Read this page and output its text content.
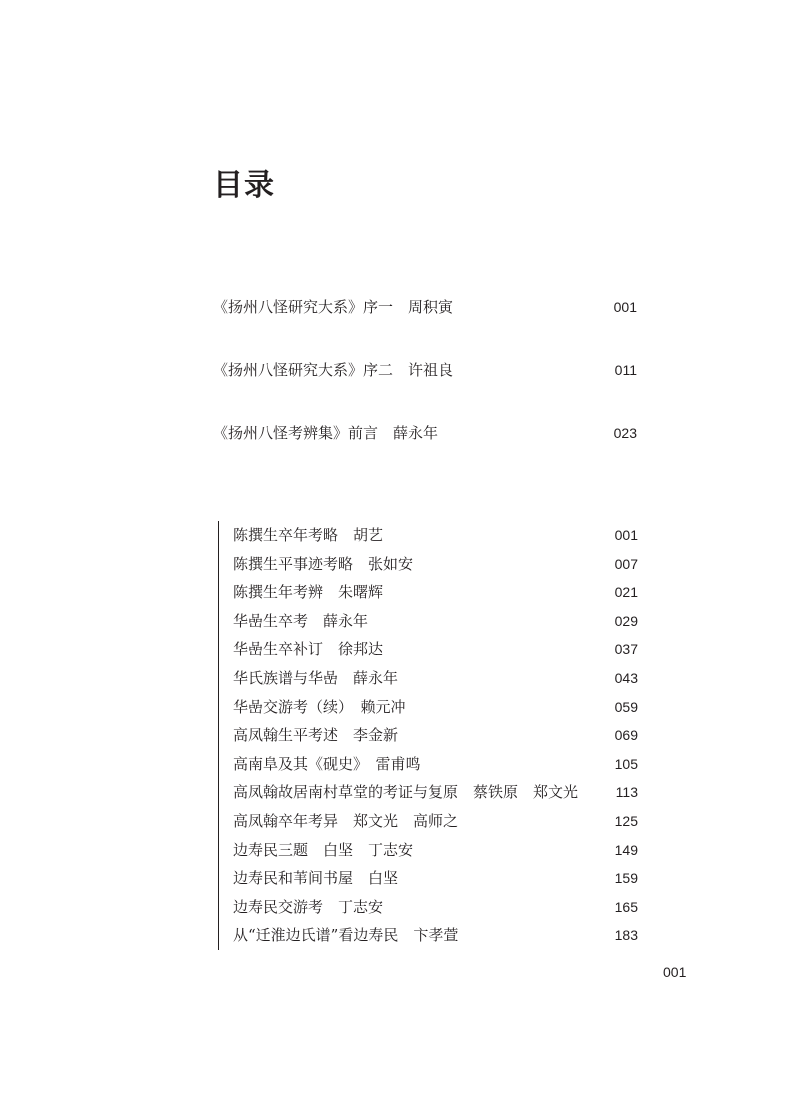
目录
《扬州八怪研究大系》序一　周积寅	001
《扬州八怪研究大系》序二　许祖良	011
《扬州八怪考辨集》前言　薛永年	023
陈撰生卒年考略　胡艺	001
陈撰生平事迹考略　张如安	007
陈撰生年考辨　朱曙辉	021
华嵒生卒考　薛永年	029
华嵒生卒补订　徐邦达	037
华氏族谱与华嵒　薛永年	043
华嵒交游考（续）　赖元冲	059
高凤翰生平考述　李金新	069
高南阜及其《砚史》　雷甫鸣	105
高凤翰故居南村草堂的考证与复原　蔡铁原　郑文光	113
高凤翰卒年考异　郑文光　高师之	125
边寿民三题　白坚　丁志安	149
边寿民和苇间书屋　白坚	159
边寿民交游考　丁志安	165
从“迁淮边氏谱”看边寿民　卞孝萱	183
001
